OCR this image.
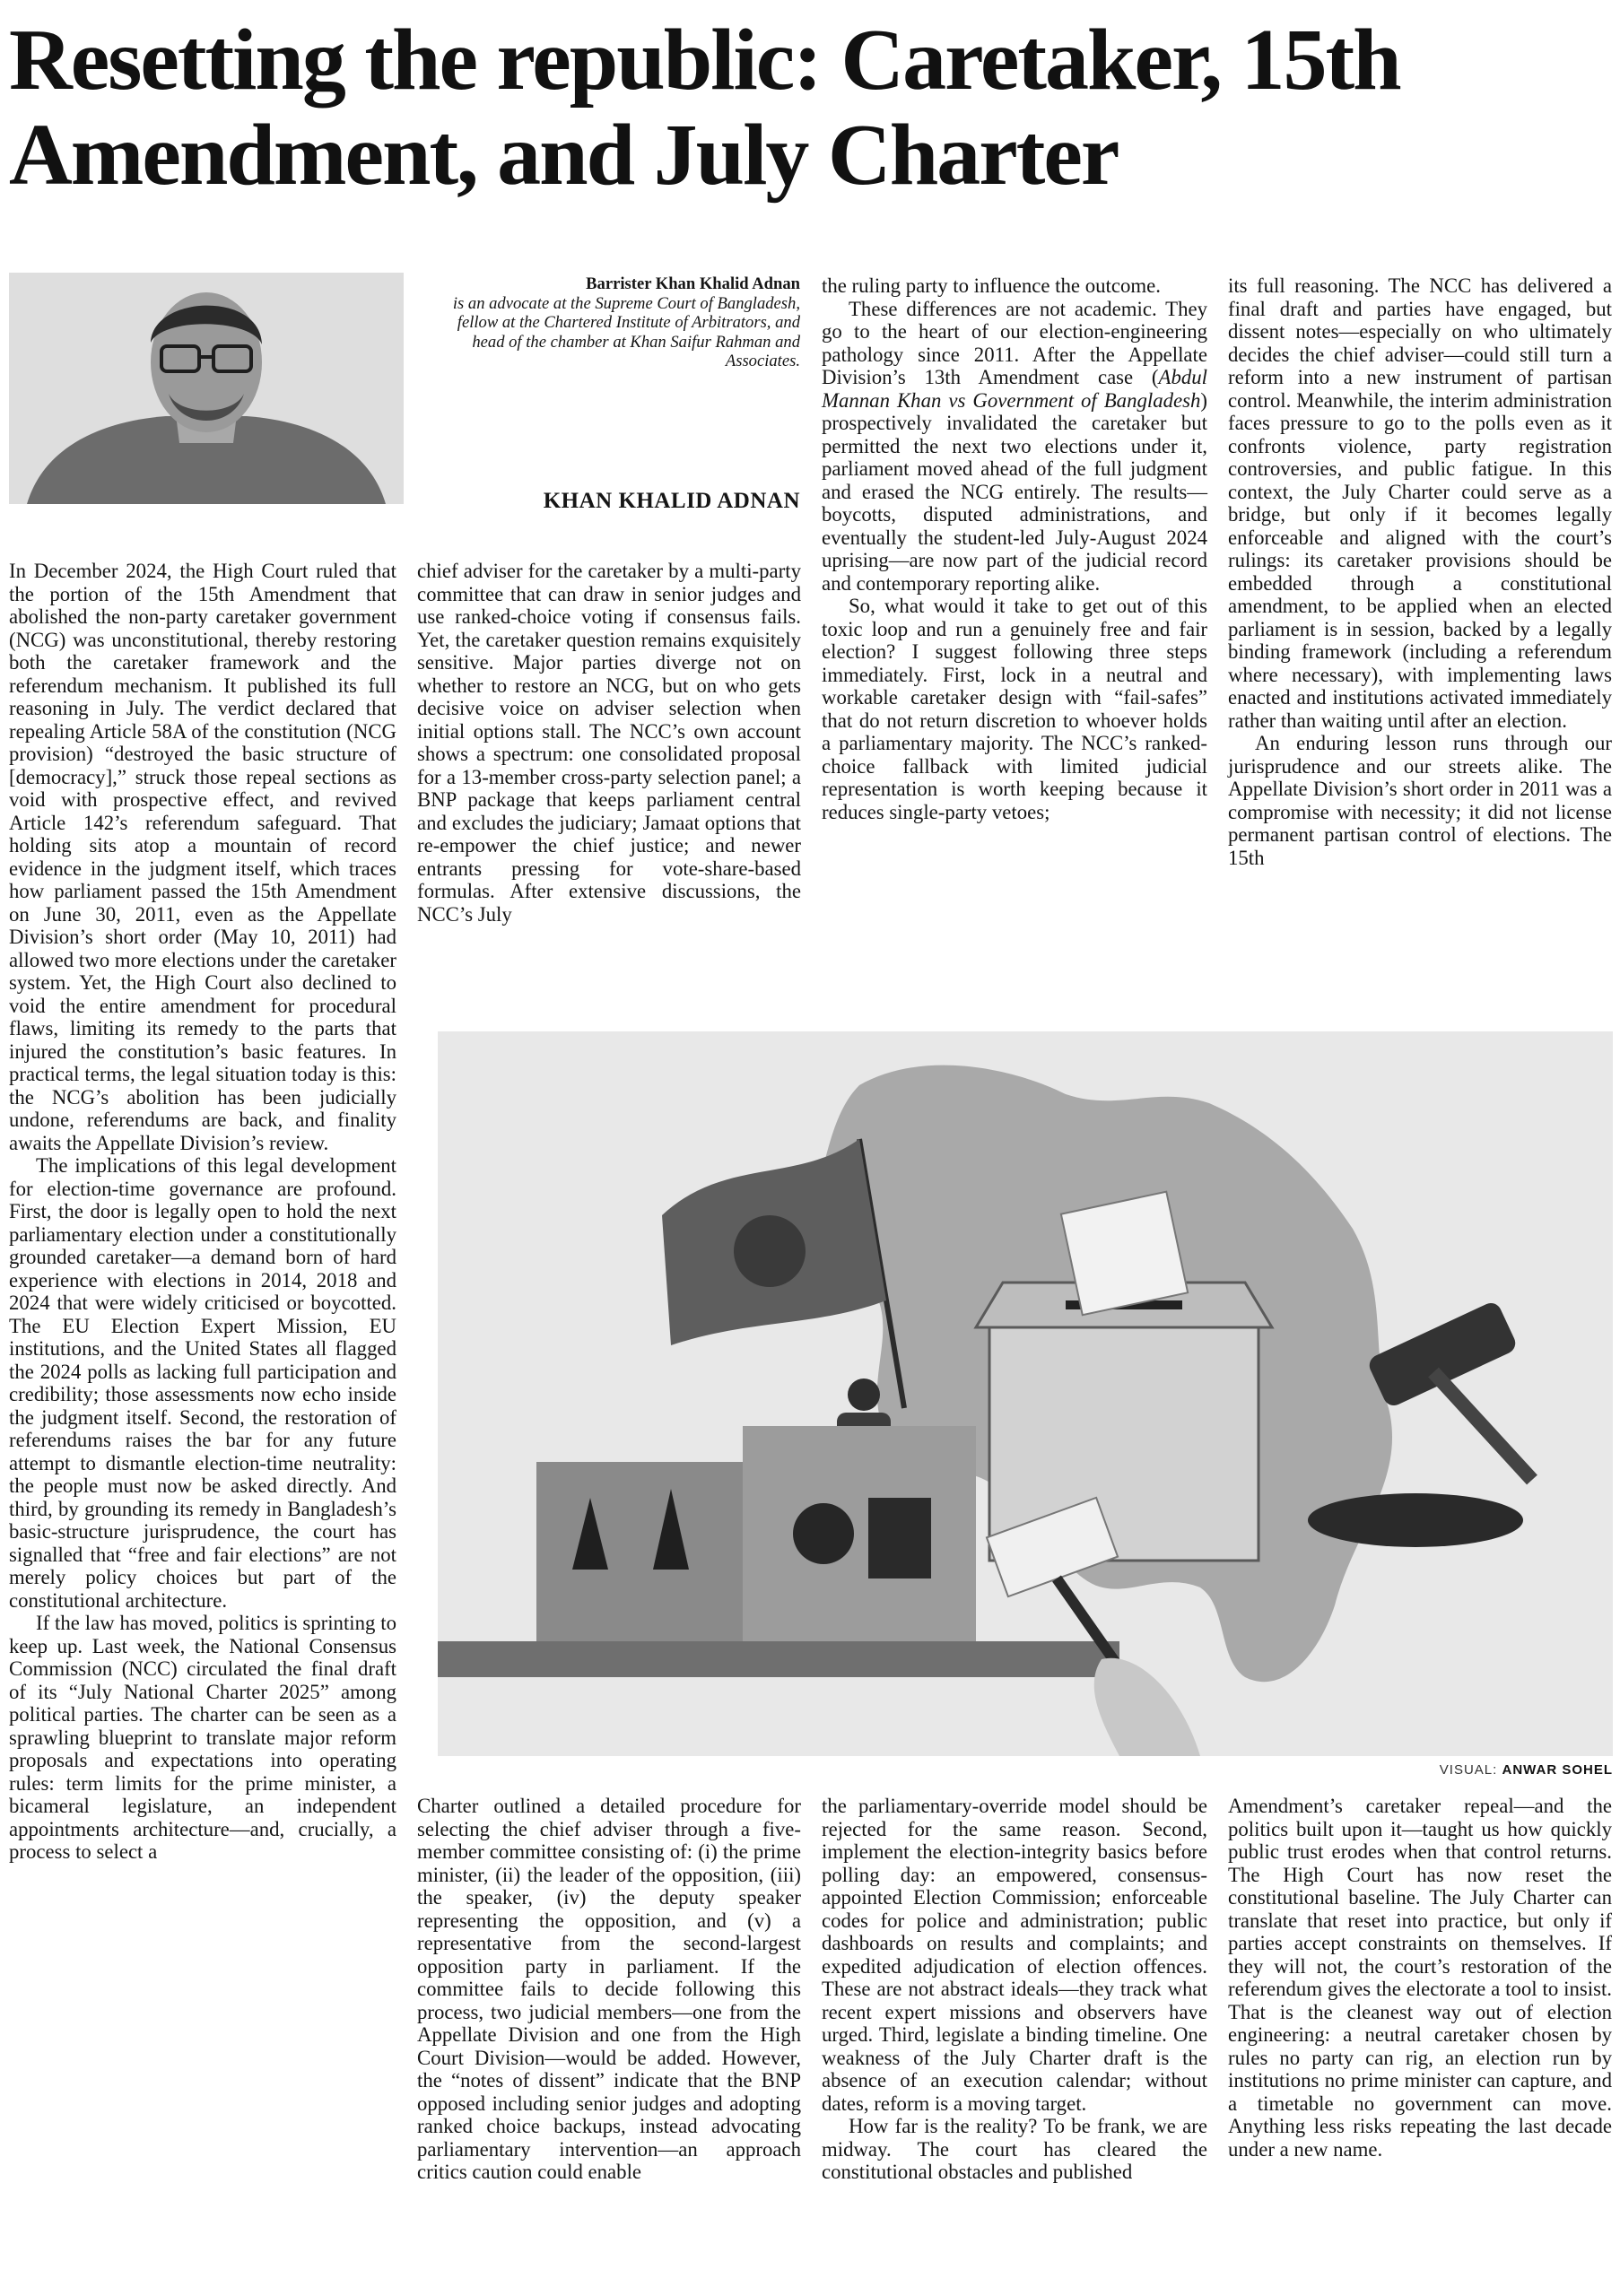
Resetting the republic: Caretaker, 15th Amendment, and July Charter
Barrister Khan Khalid Adnan
is an advocate at the Supreme Court of Bangladesh, fellow at the Chartered Institute of Arbitrators, and head of the chamber at Khan Saifur Rahman and Associates.
KHAN KHALID ADNAN
In December 2024, the High Court ruled that the portion of the 15th Amendment that abolished the non-party caretaker government (NCG) was unconstitutional, thereby restoring both the caretaker framework and the referendum mechanism. It published its full reasoning in July. The verdict declared that repealing Article 58A of the constitution (NCG provision) “destroyed the basic structure of [democracy],” struck those repeal sections as void with prospective effect, and revived Article 142’s referendum safeguard. That holding sits atop a mountain of record evidence in the judgment itself, which traces how parliament passed the 15th Amendment on June 30, 2011, even as the Appellate Division’s short order (May 10, 2011) had allowed two more elections under the caretaker system. Yet, the High Court also declined to void the entire amendment for procedural flaws, limiting its remedy to the parts that injured the constitution’s basic features. In practical terms, the legal situation today is this: the NCG’s abolition has been judicially undone, referendums are back, and finality awaits the Appellate Division’s review.
The implications of this legal development for election-time governance are profound. First, the door is legally open to hold the next parliamentary election under a constitutionally grounded caretaker—a demand born of hard experience with elections in 2014, 2018 and 2024 that were widely criticised or boycotted. The EU Election Expert Mission, EU institutions, and the United States all flagged the 2024 polls as lacking full participation and credibility; those assessments now echo inside the judgment itself. Second, the restoration of referendums raises the bar for any future attempt to dismantle election-time neutrality: the people must now be asked directly. And third, by grounding its remedy in Bangladesh’s basic-structure jurisprudence, the court has signalled that “free and fair elections” are not merely policy choices but part of the constitutional architecture.
If the law has moved, politics is sprinting to keep up. Last week, the National Consensus Commission (NCC) circulated the final draft of its “July National Charter 2025” among political parties. The charter can be seen as a sprawling blueprint to translate major reform proposals and expectations into operating rules: term limits for the prime minister, a bicameral legislature, an independent appointments architecture—and, crucially, a process to select a
chief adviser for the caretaker by a multi-party committee that can draw in senior judges and use ranked-choice voting if consensus fails. Yet, the caretaker question remains exquisitely sensitive. Major parties diverge not on whether to restore an NCG, but on who gets decisive voice on adviser selection when initial options stall. The NCC’s own account shows a spectrum: one consolidated proposal for a 13-member cross-party selection panel; a BNP package that keeps parliament central and excludes the judiciary; Jamaat options that re-empower the chief justice; and newer entrants pressing for vote-share-based formulas. After extensive discussions, the NCC’s July
the ruling party to influence the outcome.
These differences are not academic. They go to the heart of our election-engineering pathology since 2011. After the Appellate Division’s 13th Amendment case (Abdul Mannan Khan vs Government of Bangladesh) prospectively invalidated the caretaker but permitted the next two elections under it, parliament moved ahead of the full judgment and erased the NCG entirely. The results—boycotts, disputed administrations, and eventually the student-led July-August 2024 uprising—are now part of the judicial record and contemporary reporting alike.
So, what would it take to get out of this toxic loop and run a genuinely free and fair election? I suggest following three steps immediately. First, lock in a neutral and workable caretaker design with “fail-safes” that do not return discretion to whoever holds a parliamentary majority. The NCC’s ranked-choice fallback with limited judicial representation is worth keeping because it reduces single-party vetoes;
its full reasoning. The NCC has delivered a final draft and parties have engaged, but dissent notes—especially on who ultimately decides the chief adviser—could still turn a reform into a new instrument of partisan control. Meanwhile, the interim administration faces pressure to go to the polls even as it confronts violence, party registration controversies, and public fatigue. In this context, the July Charter could serve as a bridge, but only if it becomes legally enforceable and aligned with the court’s rulings: its caretaker provisions should be embedded through a constitutional amendment, to be applied when an elected parliament is in session, backed by a legally binding framework (including a referendum where necessary), with implementing laws enacted and institutions activated immediately rather than waiting until after an election.
An enduring lesson runs through our jurisprudence and our streets alike. The Appellate Division’s short order in 2011 was a compromise with necessity; it did not license permanent partisan control of elections. The 15th
VISUAL: ANWAR SOHEL
Charter outlined a detailed procedure for selecting the chief adviser through a five-member committee consisting of: (i) the prime minister, (ii) the leader of the opposition, (iii) the speaker, (iv) the deputy speaker representing the opposition, and (v) a representative from the second-largest opposition party in parliament. If the committee fails to decide following this process, two judicial members—one from the Appellate Division and one from the High Court Division—would be added. However, the “notes of dissent” indicate that the BNP opposed including senior judges and adopting ranked choice backups, instead advocating parliamentary intervention—an approach critics caution could enable
the parliamentary-override model should be rejected for the same reason. Second, implement the election-integrity basics before polling day: an empowered, consensus-appointed Election Commission; enforceable codes for police and administration; public dashboards on results and complaints; and expedited adjudication of election offences. These are not abstract ideals—they track what recent expert missions and observers have urged. Third, legislate a binding timeline. One weakness of the July Charter draft is the absence of an execution calendar; without dates, reform is a moving target.
How far is the reality? To be frank, we are midway. The court has cleared the constitutional obstacles and published
Amendment’s caretaker repeal—and the politics built upon it—taught us how quickly public trust erodes when that control returns. The High Court has now reset the constitutional baseline. The July Charter can translate that reset into practice, but only if parties accept constraints on themselves. If they will not, the court’s restoration of the referendum gives the electorate a tool to insist. That is the cleanest way out of election engineering: a neutral caretaker chosen by rules no party can rig, an election run by institutions no prime minister can capture, and a timetable no government can move. Anything less risks repeating the last decade under a new name.
